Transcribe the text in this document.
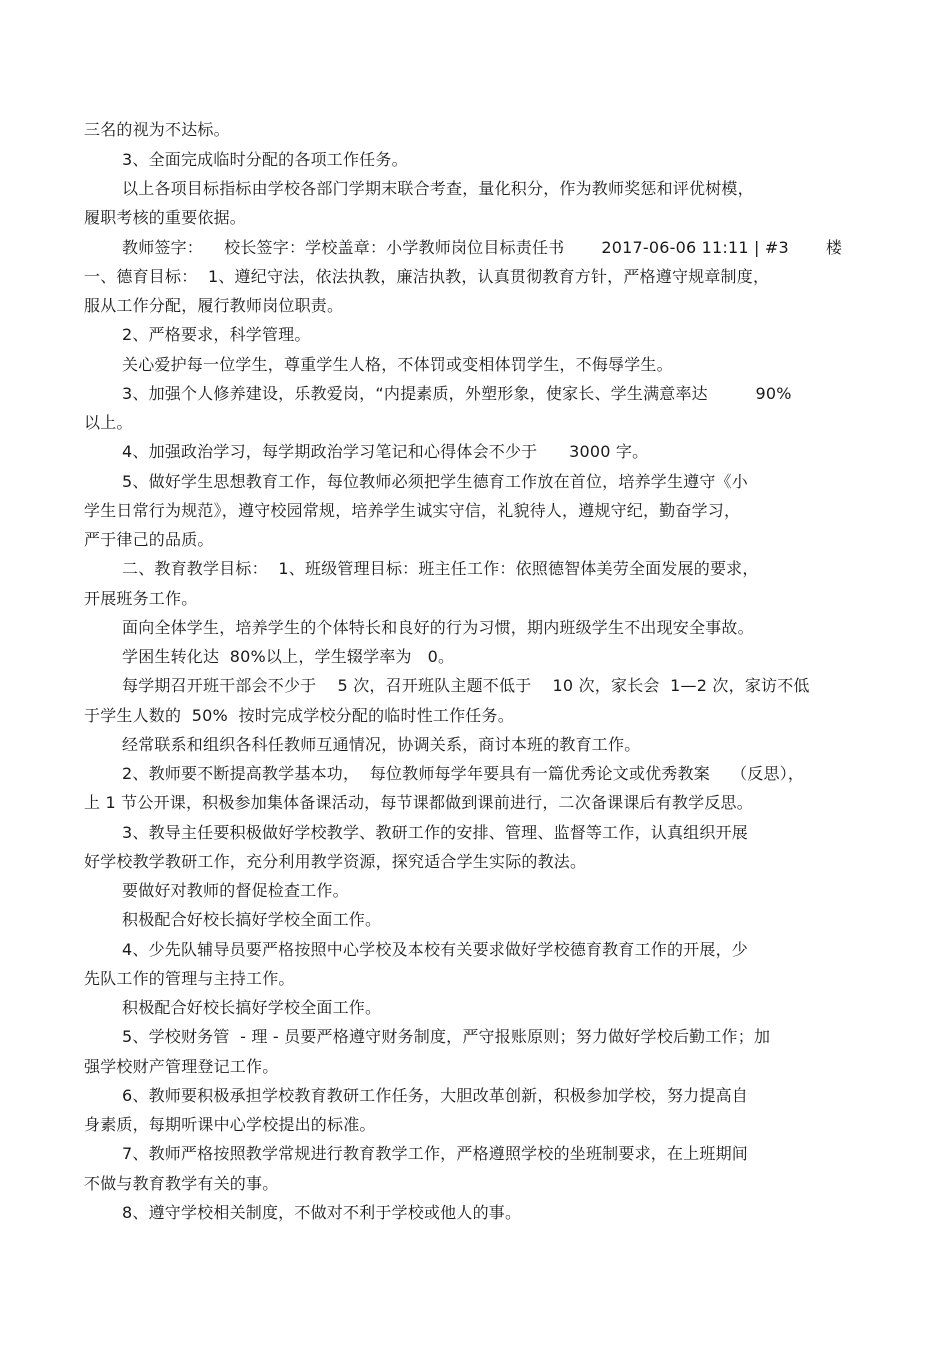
三名的视为不达标。
3、全面完成临时分配的各项工作任务。
以上各项目标指标由学校各部门学期末联合考查，量化积分，作为教师奖惩和评优树模，
履职考核的重要依据。
教师签字：    校长签字：学校盖章：小学教师岗位目标责任书       2017-06-06 11:11 | #3       楼
一、德育目标：  1、遵纪守法，依法执教，廉洁执教，认真贯彻教育方针，严格遵守规章制度，
服从工作分配，履行教师岗位职责。
2、严格要求，科学管理。
关心爱护每一位学生，尊重学生人格，不体罚或变相体罚学生，不侮辱学生。
3、加强个人修养建设，乐教爱岗，“内提素质，外塑形象，使家长、学生满意率达         90%
以上。
4、加强政治学习，每学期政治学习笔记和心得体会不少于      3000 字。
5、做好学生思想教育工作，每位教师必须把学生德育工作放在首位，培养学生遵守《小
学生日常行为规范》，遵守校园常规，培养学生诚实守信，礼貌待人，遵规守纪，勤奋学习，
严于律己的品质。
二、教育教学目标：  1、班级管理目标：班主任工作：依照德智体美劳全面发展的要求，
开展班务工作。
面向全体学生，培养学生的个体特长和良好的行为习惯，期内班级学生不出现安全事故。
学困生转化达  80%以上，学生辍学率为   0。
每学期召开班干部会不少于    5 次，召开班队主题不低于    10 次，家长会  1—2 次，家访不低
于学生人数的  50%  按时完成学校分配的临时性工作任务。
经常联系和组织各科任教师互通情况，协调关系，商讨本班的教育工作。
2、教师要不断提高教学基本功，  每位教师每学年要具有一篇优秀论文或优秀教案    （反思），
上 1 节公开课，积极参加集体备课活动，每节课都做到课前进行，二次备课课后有教学反思。
3、教导主任要积极做好学校教学、教研工作的安排、管理、监督等工作，认真组织开展
好学校教学教研工作，充分利用教学资源，探究适合学生实际的教法。
要做好对教师的督促检查工作。
积极配合好校长搞好学校全面工作。
4、少先队辅导员要严格按照中心学校及本校有关要求做好学校德育教育工作的开展，少
先队工作的管理与主持工作。
积极配合好校长搞好学校全面工作。
5、学校财务管  - 理 - 员要严格遵守财务制度，严守报账原则；努力做好学校后勤工作；加
强学校财产管理登记工作。
6、教师要积极承担学校教育教研工作任务，大胆改革创新，积极参加学校，努力提高自
身素质，每期听课中心学校提出的标准。
7、教师严格按照教学常规进行教育教学工作，严格遵照学校的坐班制要求，在上班期间
不做与教育教学有关的事。
8、遵守学校相关制度，不做对不利于学校或他人的事。
